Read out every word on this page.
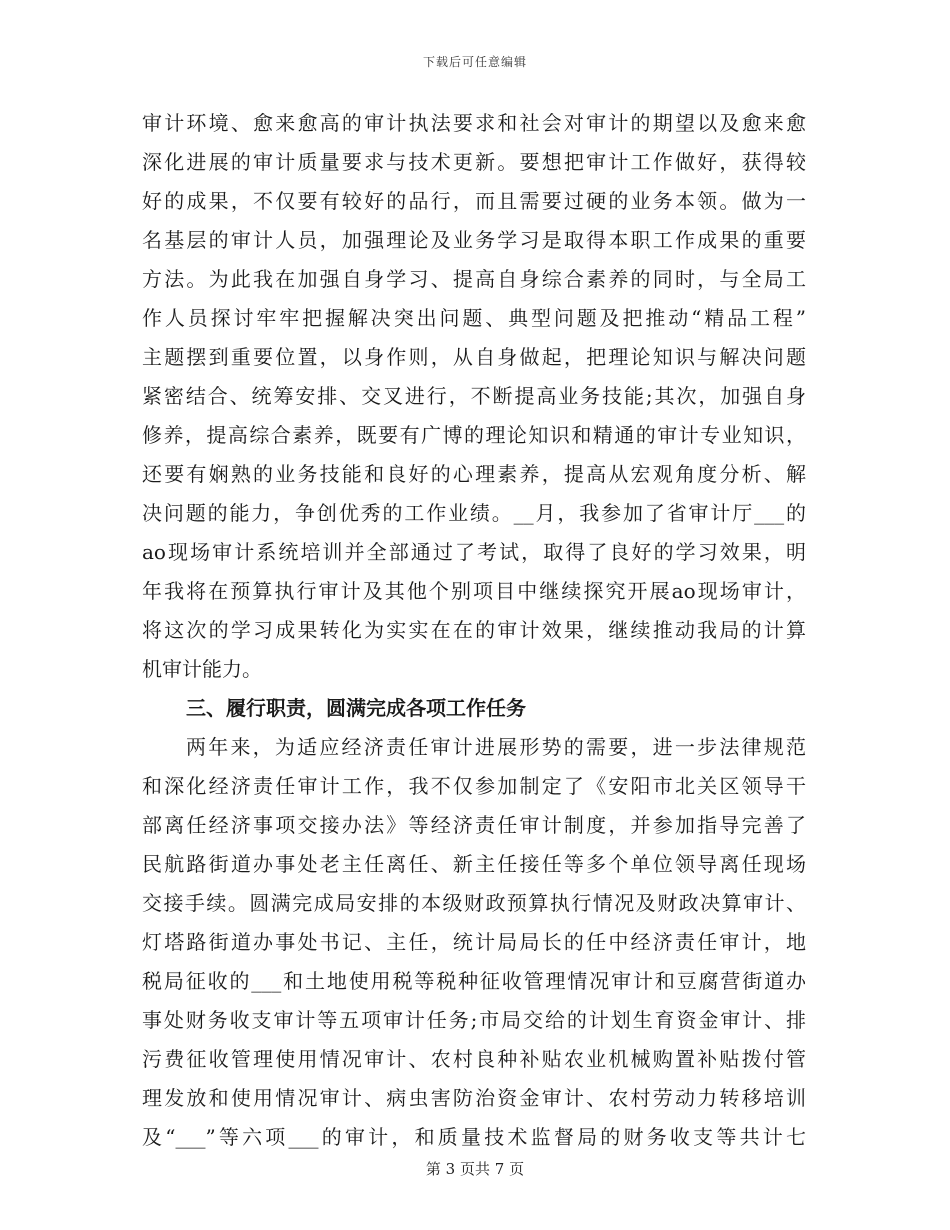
下载后可任意编辑
审计环境、愈来愈高的审计执法要求和社会对审计的期望以及愈来愈
深化进展的审计质量要求与技术更新。要想把审计工作做好，获得较
好的成果，不仅要有较好的品行，而且需要过硬的业务本领。做为一
名基层的审计人员，加强理论及业务学习是取得本职工作成果的重要
方法。为此我在加强自身学习、提高自身综合素养的同时，与全局工
作人员探讨牢牢把握解决突出问题、典型问题及把推动“精品工程”
主题摆到重要位置，以身作则，从自身做起，把理论知识与解决问题
紧密结合、统筹安排、交叉进行，不断提高业务技能;其次，加强自身
修养，提高综合素养，既要有广博的理论知识和精通的审计专业知识，
还要有娴熟的业务技能和良好的心理素养，提高从宏观角度分析、解
决问题的能力，争创优秀的工作业绩。__月，我参加了省审计厅___的
ao现场审计系统培训并全部通过了考试，取得了良好的学习效果，明
年我将在预算执行审计及其他个别项目中继续探究开展ao现场审计，
将这次的学习成果转化为实实在在的审计效果，继续推动我局的计算
机审计能力。
三、履行职责，圆满完成各项工作任务
两年来，为适应经济责任审计进展形势的需要，进一步法律规范
和深化经济责任审计工作，我不仅参加制定了《安阳市北关区领导干
部离任经济事项交接办法》等经济责任审计制度，并参加指导完善了
民航路街道办事处老主任离任、新主任接任等多个单位领导离任现场
交接手续。圆满完成局安排的本级财政预算执行情况及财政决算审计、
灯塔路街道办事处书记、主任，统计局局长的任中经济责任审计，地
税局征收的___和土地使用税等税种征收管理情况审计和豆腐营街道办
事处财务收支审计等五项审计任务;市局交给的计划生育资金审计、排
污费征收管理使用情况审计、农村良种补贴农业机械购置补贴拨付管
理发放和使用情况审计、病虫害防治资金审计、农村劳动力转移培训
及“___”等六项___的审计，和质量技术监督局的财务收支等共计七
第 3 页共 7 页
